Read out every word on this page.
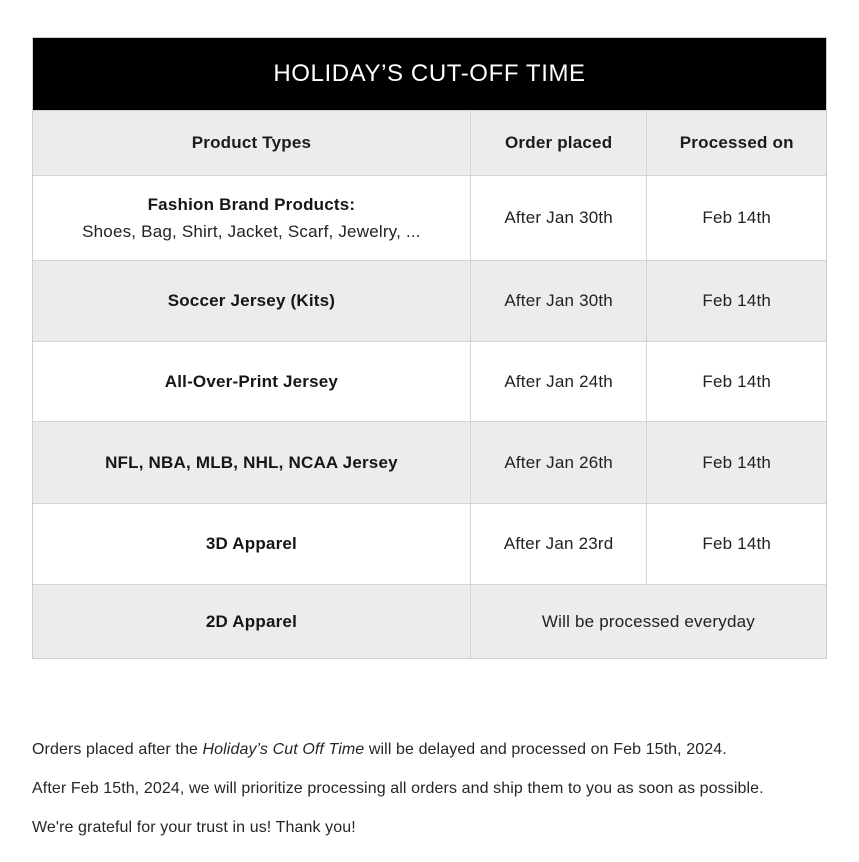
HOLIDAY’S CUT-OFF TIME
Product Types	Order placed	Processed on
Fashion Brand Products:
Shoes, Bag, Shirt, Jacket, Scarf, Jewelry, ...
After Jan 30th	Feb 14th
Soccer Jersey (Kits)	After Jan 30th	Feb 14th
All-Over-Print Jersey	After Jan 24th	Feb 14th
NFL, NBA, MLB, NHL, NCAA Jersey	After Jan 26th	Feb 14th
3D Apparel	After Jan 23rd	Feb 14th
2D Apparel	Will be processed everyday

Orders placed after the Holiday’s Cut Off Time will be delayed and processed on Feb 15th, 2024.

After Feb 15th, 2024, we will prioritize processing all orders and ship them to you as soon as possible.

We're grateful for your trust in us! Thank you!
